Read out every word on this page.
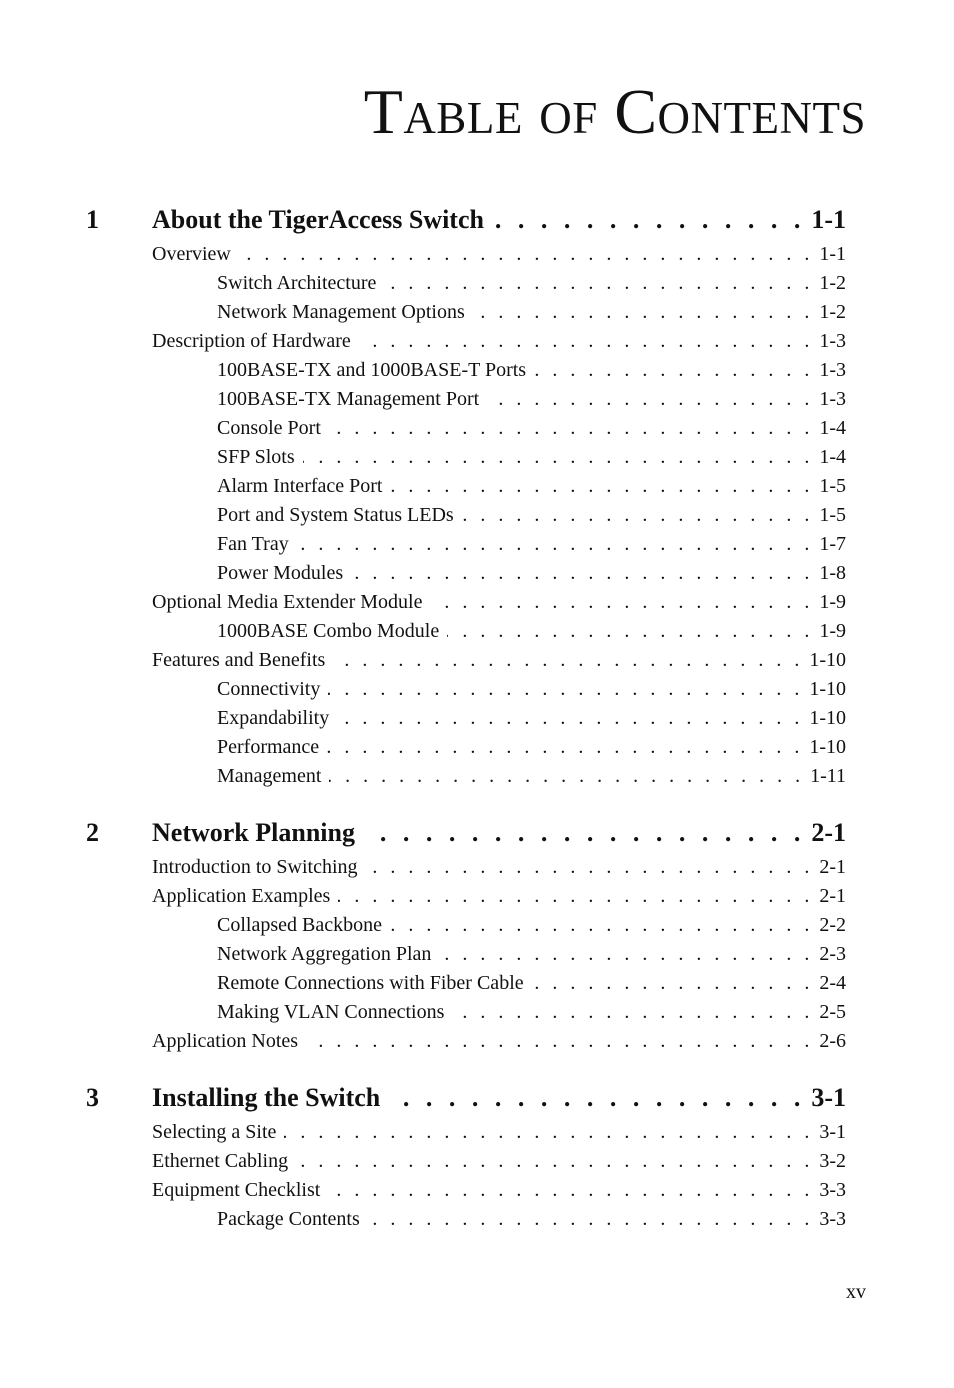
Table of Contents
1	About the TigerAccess Switch . . .	1-1
Overview . . .	1-1
Switch Architecture . . .	1-2
Network Management Options . . .	1-2
Description of Hardware . . .	1-3
100BASE-TX and 1000BASE-T Ports . . .	1-3
100BASE-TX Management Port . . .	1-3
Console Port . . .	1-4
SFP Slots . . .	1-4
Alarm Interface Port . . .	1-5
Port and System Status LEDs . . .	1-5
Fan Tray . . .	1-7
Power Modules . . .	1-8
Optional Media Extender Module . . .	1-9
1000BASE Combo Module . . .	1-9
Features and Benefits . . .	1-10
Connectivity . . .	1-10
Expandability . . .	1-10
Performance . . .	1-10
Management . . .	1-11
2	Network Planning . . .	2-1
Introduction to Switching . . .	2-1
Application Examples . . .	2-1
Collapsed Backbone . . .	2-2
Network Aggregation Plan . . .	2-3
Remote Connections with Fiber Cable . . .	2-4
Making VLAN Connections . . .	2-5
Application Notes . . .	2-6
3	Installing the Switch . . .	3-1
Selecting a Site . . .	3-1
Ethernet Cabling . . .	3-2
Equipment Checklist . . .	3-3
Package Contents . . .	3-3
xv
